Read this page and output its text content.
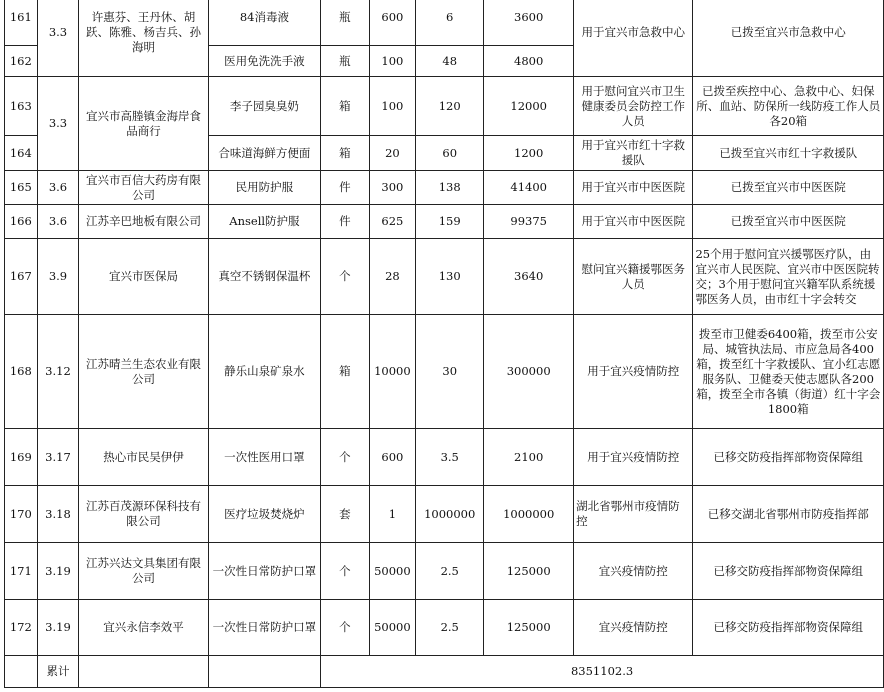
161	3.3	许惠芬、王丹休、胡跃、陈雅、杨吉兵、孙海明	84消毒液	瓶	600	6	3600	用于宜兴市急救中心	已拨至宜兴市急救中心
162			医用免洗洗手液	瓶	100	48	4800		
163	3.3	宜兴市高塍镇金海岸食品商行	李子园臭臭奶	箱	100	120	12000	用于慰问宜兴市卫生健康委员会防控工作人员	已拨至疾控中心、急救中心、妇保所、血站、防保所一线防疫工作人员各20箱
164			合味道海鲜方便面	箱	20	60	1200	用于宜兴市红十字救援队	已拨至宜兴市红十字救援队
165	3.6	宜兴市百信大药房有限公司	民用防护服	件	300	138	41400	用于宜兴市中医医院	已拨至宜兴市中医医院
166	3.6	江苏辛巴地板有限公司	Ansell防护服	件	625	159	99375	用于宜兴市中医医院	已拨至宜兴市中医医院
167	3.9	宜兴市医保局	真空不锈钢保温杯	个	28	130	3640	慰问宜兴籍援鄂医务人员	25个用于慰问宜兴援鄂医疗队，由宜兴市人民医院、宜兴市中医医院转交；3个用于慰问宜兴籍军队系统援鄂医务人员，由市红十字会转交
168	3.12	江苏晴兰生态农业有限公司	静乐山泉矿泉水	箱	10000	30	300000	用于宜兴疫情防控	拨至市卫健委6400箱，拨至市公安局、城管执法局、市应急局各400箱，拨至红十字救援队、宜小红志愿服务队、卫健委天使志愿队各200箱，拨至全市各镇（街道）红十字会1800箱
169	3.17	热心市民吴伊伊	一次性医用口罩	个	600	3.5	2100	用于宜兴疫情防控	已移交防疫指挥部物资保障组
170	3.18	江苏百茂源环保科技有限公司	医疗垃圾焚烧炉	套	1	1000000	1000000	湖北省鄂州市疫情防控	已移交湖北省鄂州市防疫指挥部
171	3.19	江苏兴达文具集团有限公司	一次性日常防护口罩	个	50000	2.5	125000	宜兴疫情防控	已移交防疫指挥部物资保障组
172	3.19	宜兴永信李效平	一次性日常防护口罩	个	50000	2.5	125000	宜兴疫情防控	已移交防疫指挥部物资保障组
	累计			8351102.3					
